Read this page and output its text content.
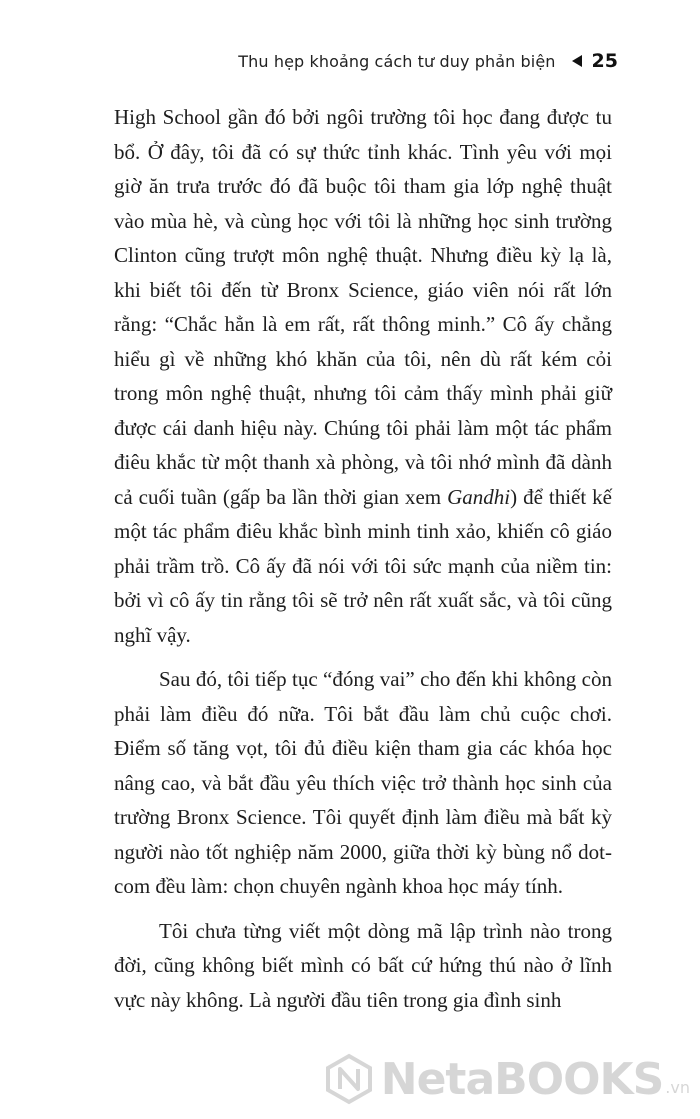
Thu hẹp khoảng cách tư duy phản biện 25

High School gần đó bởi ngôi trường tôi học đang được tu bổ. Ở đây, tôi đã có sự thức tỉnh khác. Tình yêu với mọi giờ ăn trưa trước đó đã buộc tôi tham gia lớp nghệ thuật vào mùa hè, và cùng học với tôi là những học sinh trường Clinton cũng trượt môn nghệ thuật. Nhưng điều kỳ lạ là, khi biết tôi đến từ Bronx Science, giáo viên nói rất lớn rằng: “Chắc hẳn là em rất, rất thông minh.” Cô ấy chẳng hiểu gì về những khó khăn của tôi, nên dù rất kém cỏi trong môn nghệ thuật, nhưng tôi cảm thấy mình phải giữ được cái danh hiệu này. Chúng tôi phải làm một tác phẩm điêu khắc từ một thanh xà phòng, và tôi nhớ mình đã dành cả cuối tuần (gấp ba lần thời gian xem Gandhi) để thiết kế một tác phẩm điêu khắc bình minh tinh xảo, khiến cô giáo phải trầm trồ. Cô ấy đã nói với tôi sức mạnh của niềm tin: bởi vì cô ấy tin rằng tôi sẽ trở nên rất xuất sắc, và tôi cũng nghĩ vậy.

Sau đó, tôi tiếp tục “đóng vai” cho đến khi không còn phải làm điều đó nữa. Tôi bắt đầu làm chủ cuộc chơi. Điểm số tăng vọt, tôi đủ điều kiện tham gia các khóa học nâng cao, và bắt đầu yêu thích việc trở thành học sinh của trường Bronx Science. Tôi quyết định làm điều mà bất kỳ người nào tốt nghiệp năm 2000, giữa thời kỳ bùng nổ dot-com đều làm: chọn chuyên ngành khoa học máy tính.

Tôi chưa từng viết một dòng mã lập trình nào trong đời, cũng không biết mình có bất cứ hứng thú nào ở lĩnh vực này không. Là người đầu tiên trong gia đình sinh

NetaBOOKS .vn
